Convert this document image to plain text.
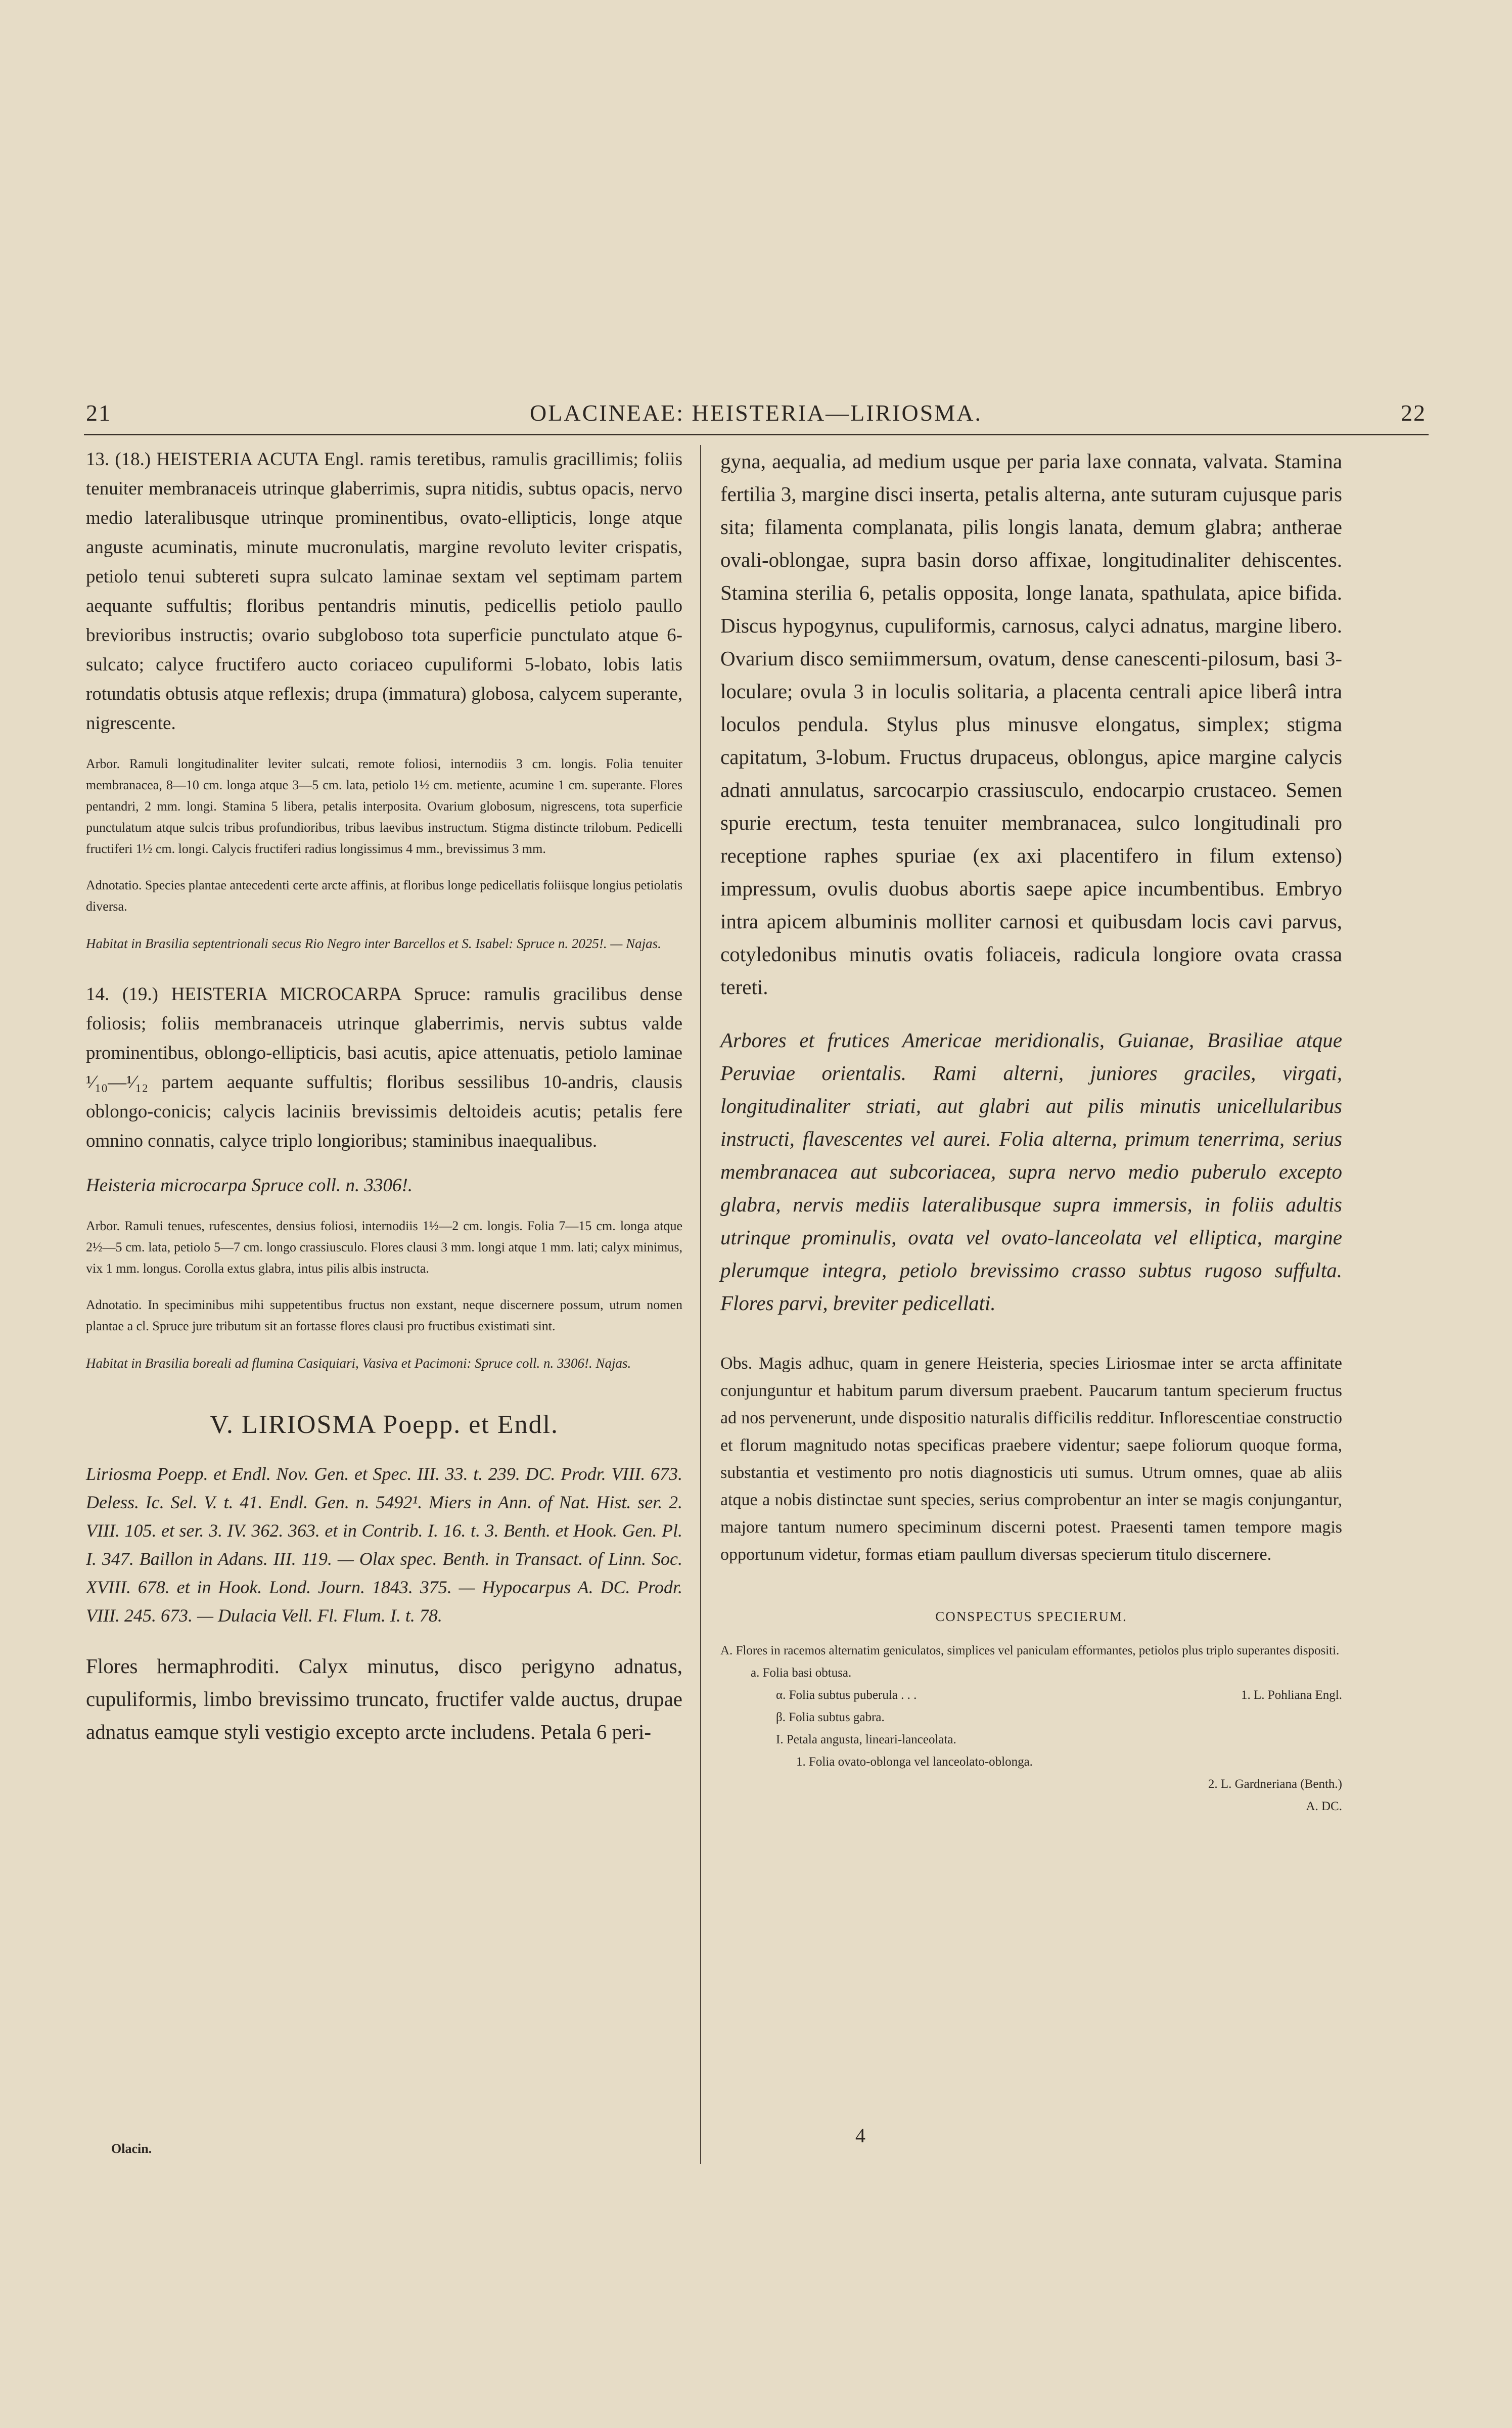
21	OLACINEAE: HEISTERIA—LIRIOSMA.	22

13. (18.) HEISTERIA ACUTA Engl. ramis teretibus, ramulis gracillimis; foliis tenuiter membranaceis utrinque glaberrimis, supra nitidis, subtus opacis, nervo medio lateralibusque utrinque prominentibus, ovato-ellipticis, longe atque anguste acuminatis, minute mucronulatis, margine revoluto leviter crispatis, petiolo tenui subtereti supra sulcato laminae sextam vel septimam partem aequante suffultis; floribus pentandris minutis, pedicellis petiolo paullo brevioribus instructis; ovario subgloboso tota superficie punctulato atque 6-sulcato; calyce fructifero aucto coriaceo cupuliformi 5-lobato, lobis latis rotundatis obtusis atque reflexis; drupa (immatura) globosa, calycem superante, nigrescente.

Arbor. Ramuli longitudinaliter leviter sulcati, remote foliosi, internodiis 3 cm. longis. Folia tenuiter membranacea, 8—10 cm. longa atque 3—5 cm. lata, petiolo 1½ cm. metiente, acumine 1 cm. superante. Flores pentandri, 2 mm. longi. Stamina 5 libera, petalis interposita. Ovarium globosum, nigrescens, tota superficie punctulatum atque sulcis tribus profundioribus, tribus laevibus instructum. Stigma distincte trilobum. Pedicelli fructiferi 1½ cm. longi. Calycis fructiferi radius longissimus 4 mm., brevissimus 3 mm.

Adnotatio. Species plantae antecedenti certe arcte affinis, at floribus longe pedicellatis foliisque longius petiolatis diversa.

Habitat in Brasilia septentrionali secus Rio Negro inter Barcellos et S. Isabel: Spruce n. 2025!. — Najas.

14. (19.) HEISTERIA MICROCARPA Spruce: ramulis gracilibus dense foliosis; foliis membranaceis utrinque glaberrimis, nervis subtus valde prominentibus, oblongo-ellipticis, basi acutis, apice attenuatis, petiolo laminae ¹⁄₁₀—¹⁄₁₂ partem aequante suffultis; floribus sessilibus 10-andris, clausis oblongo-conicis; calycis laciniis brevissimis deltoideis acutis; petalis fere omnino connatis, calyce triplo longioribus; staminibus inaequalibus.

Heisteria microcarpa Spruce coll. n. 3306!.

Arbor. Ramuli tenues, rufescentes, densius foliosi, internodiis 1½—2 cm. longis. Folia 7—15 cm. longa atque 2½—5 cm. lata, petiolo 5—7 cm. longo crassiusculo. Flores clausi 3 mm. longi atque 1 mm. lati; calyx minimus, vix 1 mm. longus. Corolla extus glabra, intus pilis albis instructa.

Adnotatio. In speciminibus mihi suppetentibus fructus non exstant, neque discernere possum, utrum nomen plantae a cl. Spruce jure tributum sit an fortasse flores clausi pro fructibus existimati sint.

Habitat in Brasilia boreali ad flumina Casiquiari, Vasiva et Pacimoni: Spruce coll. n. 3306!. Najas.

V. LIRIOSMA Poepp. et Endl.

Liriosma Poepp. et Endl. Nov. Gen. et Spec. III. 33. t. 239. DC. Prodr. VIII. 673. Deless. Ic. Sel. V. t. 41. Endl. Gen. n. 5492¹. Miers in Ann. of Nat. Hist. ser. 2. VIII. 105. et ser. 3. IV. 362. 363. et in Contrib. I. 16. t. 3. Benth. et Hook. Gen. Pl. I. 347. Baillon in Adans. III. 119. — Olax spec. Benth. in Transact. of Linn. Soc. XVIII. 678. et in Hook. Lond. Journ. 1843. 375. — Hypocarpus A. DC. Prodr. VIII. 245. 673. — Dulacia Vell. Fl. Flum. I. t. 78.

Flores hermaphroditi. Calyx minutus, disco perigyno adnatus, cupuliformis, limbo brevissimo truncato, fructifer valde auctus, drupae adnatus eamque styli vestigio excepto arcte includens. Petala 6 peri-

Olacin.

gyna, aequalia, ad medium usque per paria laxe connata, valvata. Stamina fertilia 3, margine disci inserta, petalis alterna, ante suturam cujusque paris sita; filamenta complanata, pilis longis lanata, demum glabra; antherae ovali-oblongae, supra basin dorso affixae, longitudinaliter dehiscentes. Stamina sterilia 6, petalis opposita, longe lanata, spathulata, apice bifida. Discus hypogynus, cupuliformis, carnosus, calyci adnatus, margine libero. Ovarium disco semiimmersum, ovatum, dense canescenti-pilosum, basi 3-loculare; ovula 3 in loculis solitaria, a placenta centrali apice liberâ intra loculos pendula. Stylus plus minusve elongatus, simplex; stigma capitatum, 3-lobum. Fructus drupaceus, oblongus, apice margine calycis adnati annulatus, sarcocarpio crassiusculo, endocarpio crustaceo. Semen spurie erectum, testa tenuiter membranacea, sulco longitudinali pro receptione raphes spuriae (ex axi placentifero in filum extenso) impressum, ovulis duobus abortis saepe apice incumbentibus. Embryo intra apicem albuminis molliter carnosi et quibusdam locis cavi parvus, cotyledonibus minutis ovatis foliaceis, radicula longiore ovata crassa tereti.

Arbores et frutices Americae meridionalis, Guianae, Brasiliae atque Peruviae orientalis. Rami alterni, juniores graciles, virgati, longitudinaliter striati, aut glabri aut pilis minutis unicellularibus instructi, flavescentes vel aurei. Folia alterna, primum tenerrima, serius membranacea aut subcoriacea, supra nervo medio puberulo excepto glabra, nervis mediis lateralibusque supra immersis, in foliis adultis utrinque prominulis, ovata vel ovato-lanceolata vel elliptica, margine plerumque integra, petiolo brevissimo crasso subtus rugoso suffulta. Flores parvi, breviter pedicellati.

Obs. Magis adhuc, quam in genere Heisteria, species Liriosmae inter se arcta affinitate conjunguntur et habitum parum diversum praebent. Paucarum tantum specierum fructus ad nos pervenerunt, unde dispositio naturalis difficilis redditur. Inflorescentiae constructio et florum magnitudo notas specificas praebere videntur; saepe foliorum quoque forma, substantia et vestimento pro notis diagnosticis uti sumus. Utrum omnes, quae ab aliis atque a nobis distinctae sunt species, serius comprobentur an inter se magis conjungantur, majore tantum numero speciminum discerni potest. Praesenti tamen tempore magis opportunum videtur, formas etiam paullum diversas specierum titulo discernere.

CONSPECTUS SPECIERUM.

A. Flores in racemos alternatim geniculatos, simplices vel paniculam efformantes, petiolos plus triplo superantes dispositi.

a. Folia basi obtusa.

α. Folia subtus puberula . . .	1. L. Pohliana Engl.

β. Folia subtus gabra.

I. Petala angusta, lineari-lanceolata.

1. Folia ovato-oblonga vel lanceolato-oblonga.

2. L. Gardneriana (Benth.)

A. DC.

4
